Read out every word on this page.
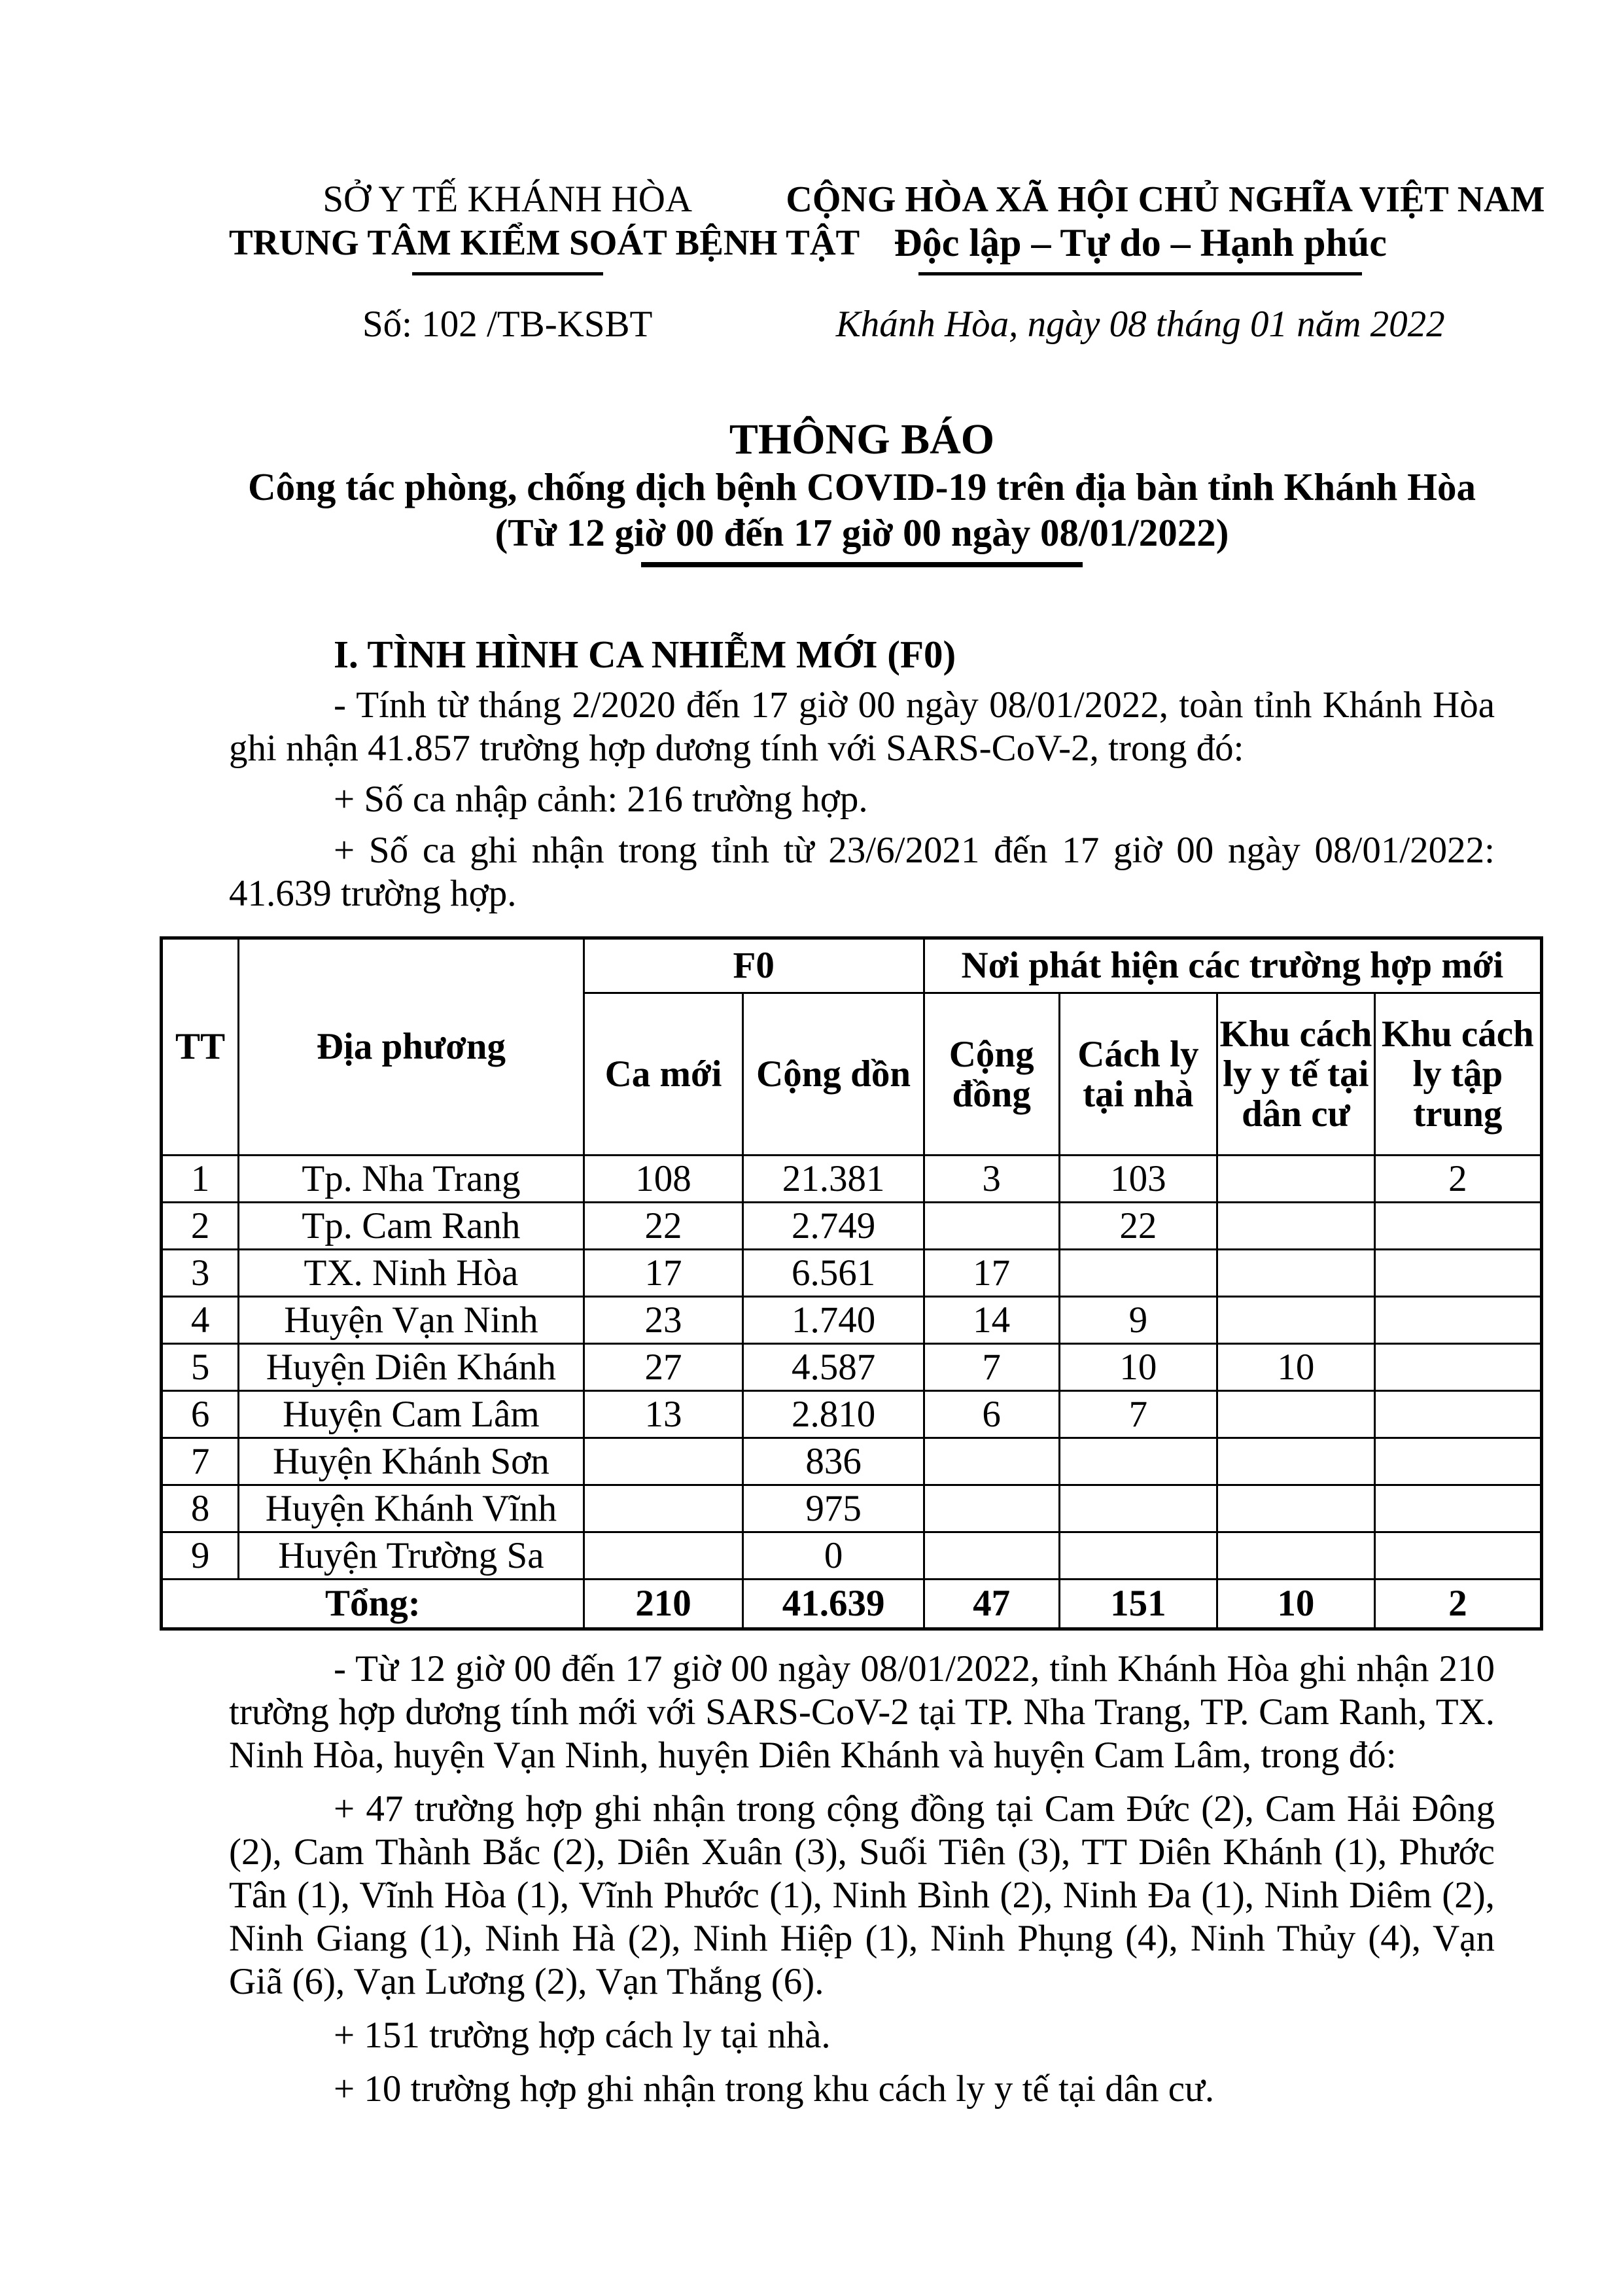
SỞ Y TẾ KHÁNH HÒA
TRUNG TÂM KIỂM SOÁT BỆNH TẬT
Số: 102 /TB-KSBT
CỘNG HÒA XÃ HỘI CHỦ NGHĨA VIỆT NAM
Độc lập – Tự do – Hạnh phúc
Khánh Hòa, ngày 08 tháng 01 năm 2022
THÔNG BÁO
Công tác phòng, chống dịch bệnh COVID-19 trên địa bàn tỉnh Khánh Hòa
(Từ 12 giờ 00 đến 17 giờ 00 ngày 08/01/2022)
I. TÌNH HÌNH CA NHIỄM MỚI (F0)

- Tính từ tháng 2/2020 đến 17 giờ 00 ngày 08/01/2022, toàn tỉnh Khánh Hòa ghi nhận 41.857 trường hợp dương tính với SARS-CoV-2, trong đó:

+ Số ca nhập cảnh: 216 trường hợp.

+ Số ca ghi nhận trong tỉnh từ 23/6/2021 đến 17 giờ 00 ngày 08/01/2022: 41.639 trường hợp.

TT	Địa phương	F0		Nơi phát hiện các trường hợp mới			
		Ca mới	Cộng dồn	Cộng đồng	Cách ly tại nhà	Khu cách ly y tế tại dân cư	Khu cách ly tập trung
1	Tp. Nha Trang	108	21.381	3	103		2
2	Tp. Cam Ranh	22	2.749		22		
3	TX. Ninh Hòa	17	6.561	17			
4	Huyện Vạn Ninh	23	1.740	14	9		
5	Huyện Diên Khánh	27	4.587	7	10	10	
6	Huyện Cam Lâm	13	2.810	6	7		
7	Huyện Khánh Sơn		836				
8	Huyện Khánh Vĩnh		975				
9	Huyện Trường Sa		0				
Tổng:		210	41.639	47	151	10	2

- Từ 12 giờ 00 đến 17 giờ 00 ngày 08/01/2022, tỉnh Khánh Hòa ghi nhận 210 trường hợp dương tính mới với SARS-CoV-2 tại TP. Nha Trang, TP. Cam Ranh, TX. Ninh Hòa, huyện Vạn Ninh, huyện Diên Khánh và huyện Cam Lâm, trong đó:

+ 47 trường hợp ghi nhận trong cộng đồng tại Cam Đức (2), Cam Hải Đông (2), Cam Thành Bắc (2), Diên Xuân (3), Suối Tiên (3), TT Diên Khánh (1), Phước Tân (1), Vĩnh Hòa (1), Vĩnh Phước (1), Ninh Bình (2), Ninh Đa (1), Ninh Diêm (2), Ninh Giang (1), Ninh Hà (2), Ninh Hiệp (1), Ninh Phụng (4), Ninh Thủy (4), Vạn Giã (6), Vạn Lương (2), Vạn Thắng (6).

+ 151 trường hợp cách ly tại nhà.

+ 10 trường hợp ghi nhận trong khu cách ly y tế tại dân cư.
